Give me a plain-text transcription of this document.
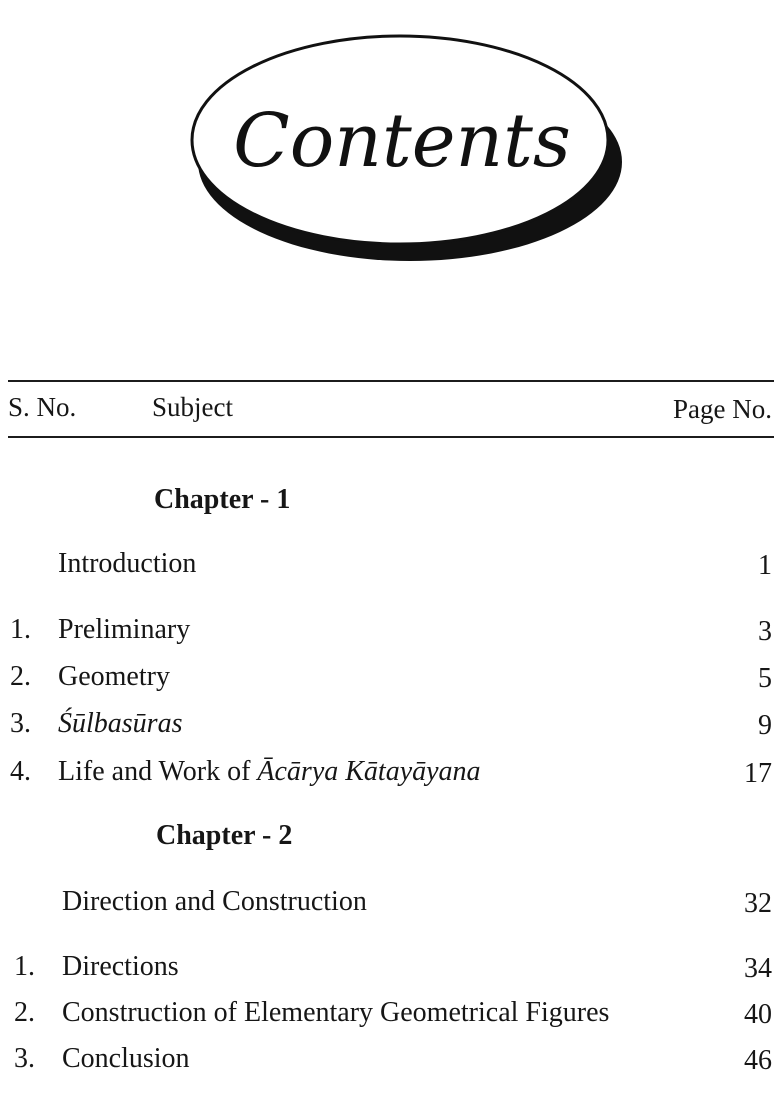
Contents
S. No.	Subject	Page No.
Chapter - 1
Introduction	1
1. Preliminary	3
2. Geometry	5
3. Śūlbasūras	9
4. Life and Work of Ācārya Kātayāyana	17
Chapter - 2
Direction and Construction	32
1. Directions	34
2. Construction of Elementary Geometrical Figures	40
3. Conclusion	46
